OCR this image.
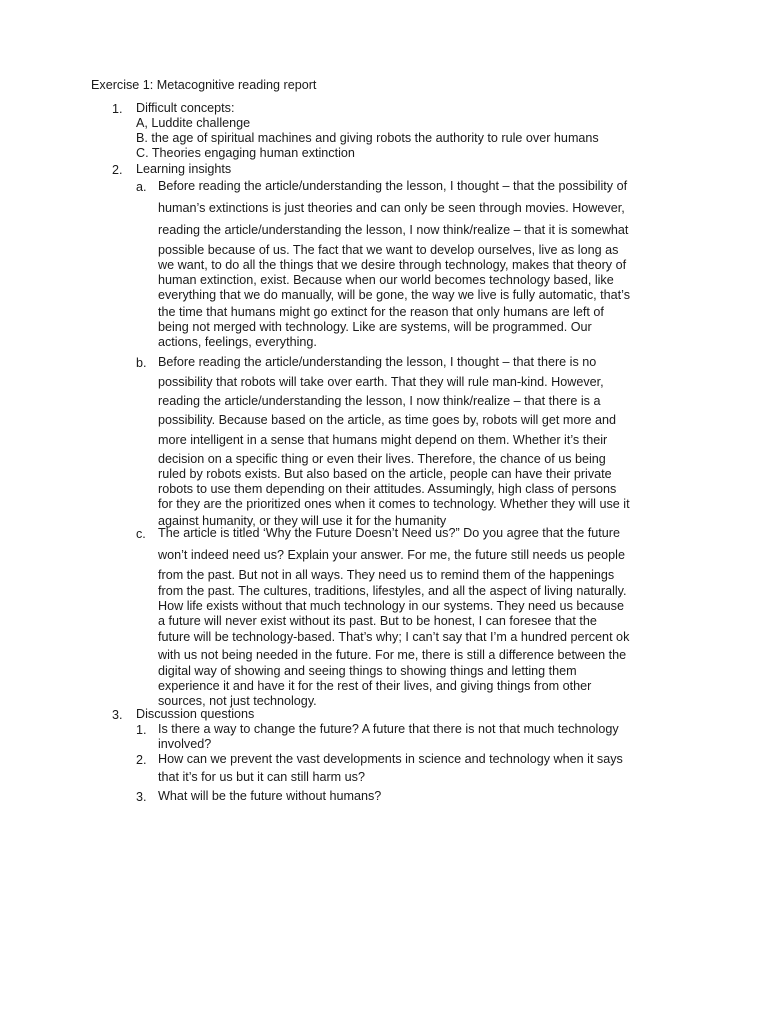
Exercise 1: Metacognitive reading report
1.	Difficult concepts:
A, Luddite challenge
B. the age of spiritual machines and giving robots the authority to rule over humans
C. Theories engaging human extinction
2.	Learning insights
a. Before reading the article/understanding the lesson, I thought – that the possibility of
human’s extinctions is just theories and can only be seen through movies. However,
reading the article/understanding the lesson, I now think/realize – that it is somewhat
possible because of us. The fact that we want to develop ourselves, live as long as
we want, to do all the things that we desire through technology, makes that theory of
human extinction, exist. Because when our world becomes technology based, like
everything that we do manually, will be gone, the way we live is fully automatic, that’s
the time that humans might go extinct for the reason that only humans are left of
being not merged with technology. Like are systems, will be programmed. Our
actions, feelings, everything.
b. Before reading the article/understanding the lesson, I thought – that there is no
possibility that robots will take over earth. That they will rule man-kind. However,
reading the article/understanding the lesson, I now think/realize – that there is a
possibility. Because based on the article, as time goes by, robots will get more and
more intelligent in a sense that humans might depend on them. Whether it’s their
decision on a specific thing or even their lives. Therefore, the chance of us being
ruled by robots exists. But also based on the article, people can have their private
robots to use them depending on their attitudes. Assumingly, high class of persons
for they are the prioritized ones when it comes to technology. Whether they will use it
against humanity, or they will use it for the humanity
c. The article is titled ‘Why the Future Doesn’t Need us?” Do you agree that the future
won’t indeed need us? Explain your answer. For me, the future still needs us people
from the past. But not in all ways. They need us to remind them of the happenings
from the past. The cultures, traditions, lifestyles, and all the aspect of living naturally.
How life exists without that much technology in our systems. They need us because
a future will never exist without its past. But to be honest, I can foresee that the
future will be technology-based. That’s why; I can’t say that I’m a hundred percent ok
with us not being needed in the future. For me, there is still a difference between the
digital way of showing and seeing things to showing things and letting them
experience it and have it for the rest of their lives, and giving things from other
sources, not just technology.
3.	Discussion questions
1. Is there a way to change the future? A future that there is not that much technology
involved?
2. How can we prevent the vast developments in science and technology when it says
that it’s for us but it can still harm us?
3. What will be the future without humans?
